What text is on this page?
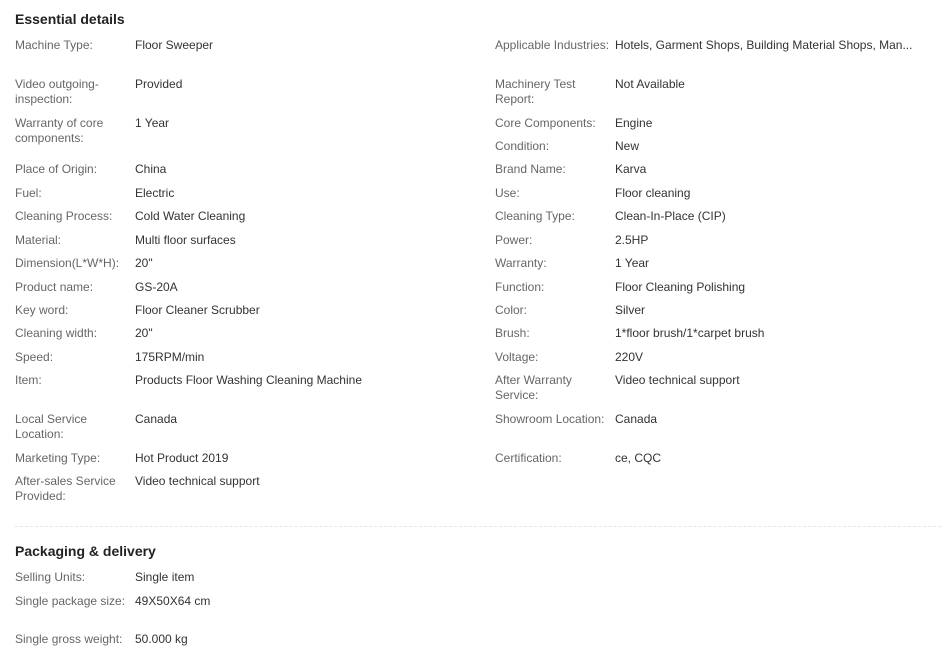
Essential details
Machine Type:	Floor Sweeper
Video outgoing-inspection:
Provided
Warranty of core components:
1 Year
Place of Origin:	China
Fuel:	Electric
Cleaning Process:	Cold Water Cleaning
Material:	Multi floor surfaces
Dimension(L*W*H):	20"
Product name:	GS-20A
Key word:	Floor Cleaner Scrubber
Cleaning width:	20"
Speed:	175RPM/min
Item:	Products Floor Washing Cleaning Machine
Local Service Location:
Canada
Marketing Type:	Hot Product 2019
After-sales Service Provided:
Video technical support
Applicable Industries: Hotels, Garment Shops, Building Material Shops, Man...
Machinery Test Report:
Not Available
Core Components:	Engine
Condition:	New
Brand Name:	Karva
Use:	Floor cleaning
Cleaning Type:	Clean-In-Place (CIP)
Power:	2.5HP
Warranty:	1 Year
Function:	Floor Cleaning Polishing
Color:	Silver
Brush:	1*floor brush/1*carpet brush
Voltage:	220V
After Warranty Service:
Video technical support
Showroom Location: Canada
Certification:	ce, CQC
Packaging & delivery
Selling Units:	Single item
Single package size: 49X50X64 cm
Single gross weight:	50.000 kg
